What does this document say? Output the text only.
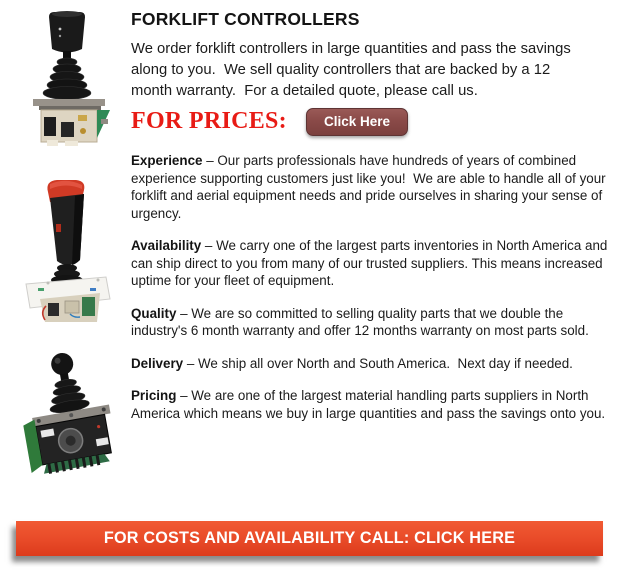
FORKLIFT CONTROLLERS

We order forklift controllers in large quantities and pass the savings along to you.  We sell quality controllers that are backed by a 12 month warranty.  For a detailed quote, please call us.

FOR PRICES:	Click Here

Experience – Our parts professionals have hundreds of years of combined experience supporting customers just like you!  We are able to handle all of your forklift and aerial equipment needs and pride ourselves in sharing your sense of urgency.

Availability – We carry one of the largest parts inventories in North America and can ship direct to you from many of our trusted suppliers. This means increased uptime for your fleet of equipment.

Quality – We are so committed to selling quality parts that we double the industry's 6 month warranty and offer 12 months warranty on most parts sold.

Delivery – We ship all over North and South America.  Next day if needed.

Pricing – We are one of the largest material handling parts suppliers in North America which means we buy in large quantities and pass the savings onto you.

FOR COSTS AND AVAILABILITY CALL: CLICK HERE
